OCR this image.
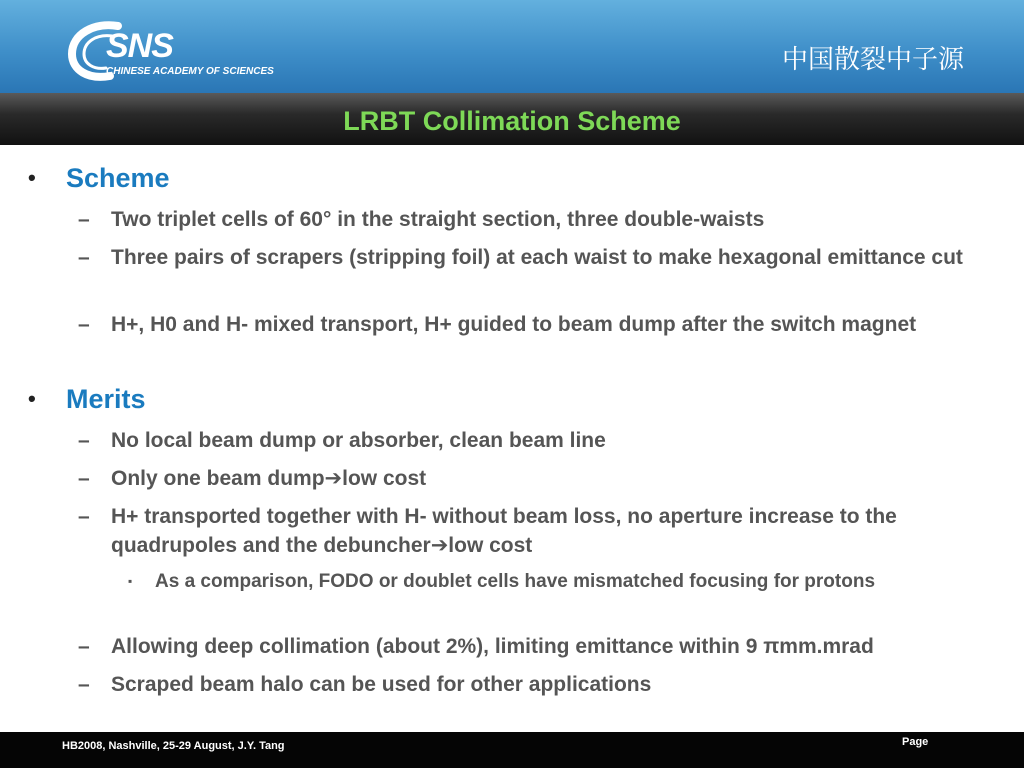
SNS
CHINESE ACADEMY OF SCIENCES	中国散裂中子源
LRBT Collimation Scheme
• Scheme
– Two triplet cells of 60° in the straight section, three double-waists
– Three pairs of scrapers (stripping foil) at each waist to make hexagonal emittance cut
– H+, H0 and H- mixed transport, H+ guided to beam dump after the switch magnet
• Merits
– No local beam dump or absorber, clean beam line
– Only one beam dump➔low cost
– H+ transported together with H- without beam loss, no aperture increase to the quadrupoles and the debuncher➔low cost
▪ As a comparison, FODO or doublet cells have mismatched focusing for protons
– Allowing deep collimation (about 2%), limiting emittance within 9 πmm.mrad
– Scraped beam halo can be used for other applications
HB2008, Nashville, 25-29 August, J.Y. Tang	Page
